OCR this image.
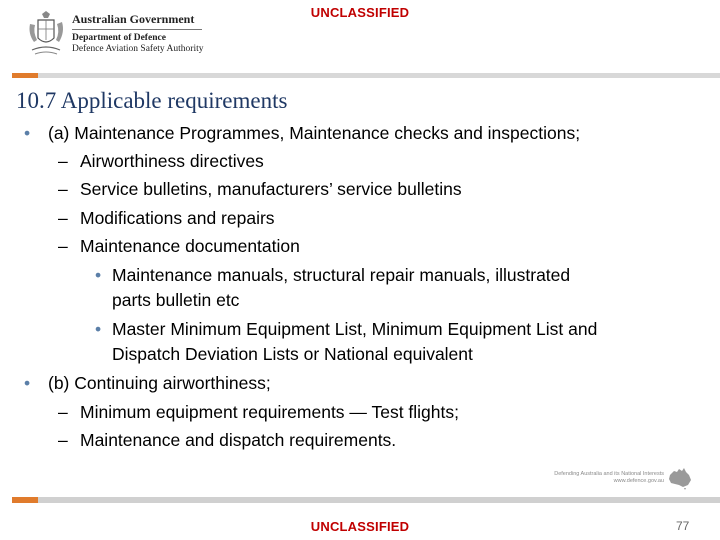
UNCLASSIFIED
Australian Government
Department of Defence
Defence Aviation Safety Authority
10.7 Applicable requirements
• (a) Maintenance Programmes, Maintenance checks and inspections;
– Airworthiness directives
– Service bulletins, manufacturers’ service bulletins
– Modifications and repairs
– Maintenance documentation
• Maintenance manuals, structural repair manuals, illustrated
parts bulletin etc
• Master Minimum Equipment List, Minimum Equipment List and
Dispatch Deviation Lists or National equivalent
• (b) Continuing airworthiness;
– Minimum equipment requirements — Test flights;
– Maintenance and dispatch requirements.
Defending Australia and its National Interests
www.defence.gov.au
UNCLASSIFIED	77
